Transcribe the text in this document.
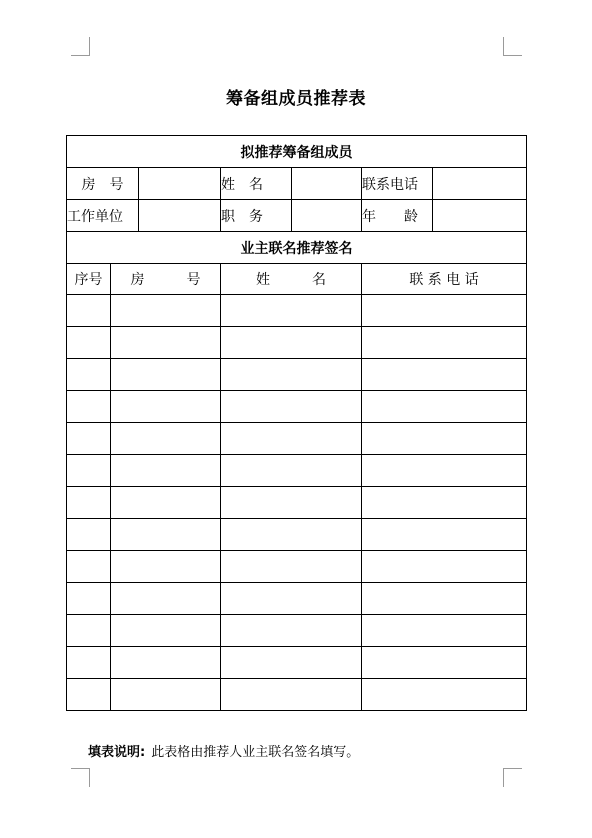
筹备组成员推荐表
拟推荐筹备组成员						
房　号			姓　名		联系电话	
工作单位			职　务		年　　龄	
业主联名推荐签名						
序号	房　　　号		姓　　　名		联 系 电 话	

填表说明: 此表格由推荐人业主联名签名填写。
